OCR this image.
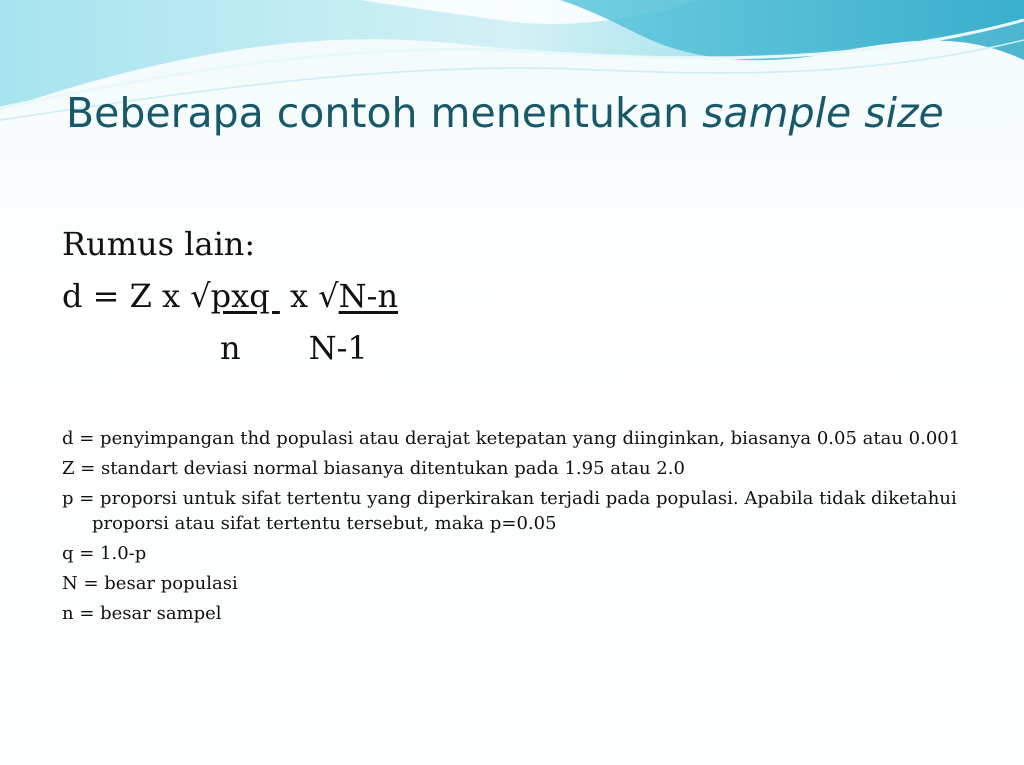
Beberapa contoh menentukan sample size

Rumus lain:

d = Z x √pxq  x √N-n

n N-1

d = penyimpangan thd populasi atau derajat ketepatan yang diinginkan, biasanya 0.05 atau 0.001

Z = standart deviasi normal biasanya ditentukan pada 1.95 atau 2.0

p = proporsi untuk sifat tertentu yang diperkirakan terjadi pada populasi. Apabila tidak diketahui proporsi atau sifat tertentu tersebut, maka p=0.05

q = 1.0-p

N = besar populasi

n = besar sampel
